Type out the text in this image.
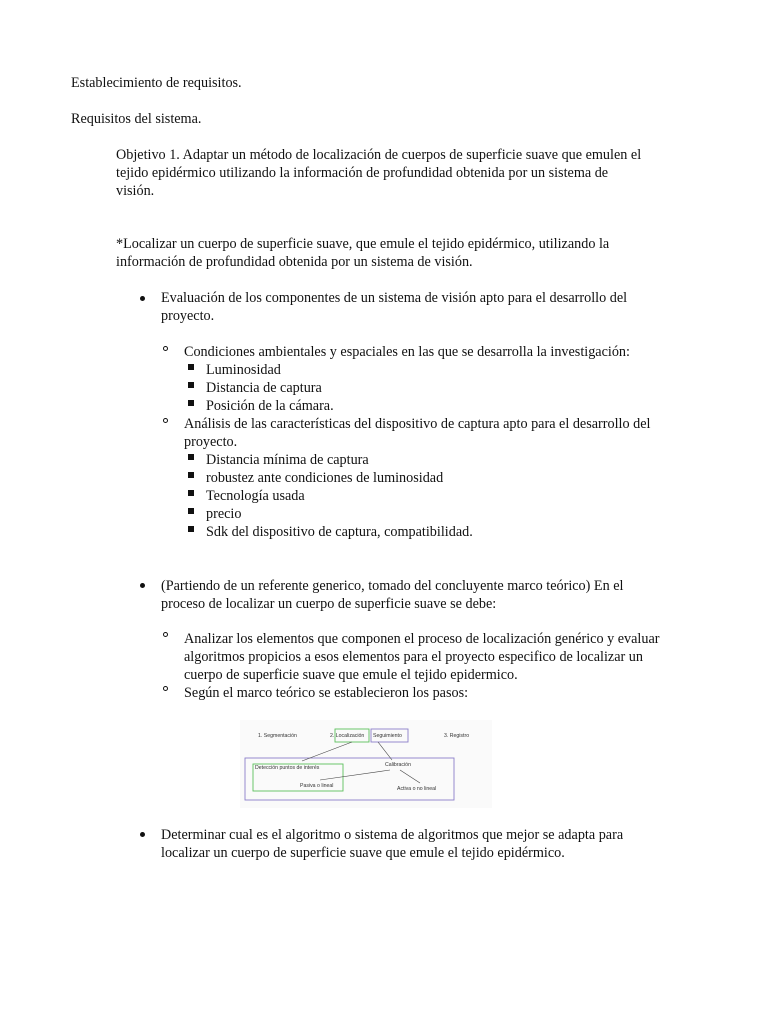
Establecimiento de requisitos.
Requisitos del sistema.
Objetivo 1. Adaptar un método de localización de cuerpos de superficie suave que emulen el
tejido epidérmico utilizando la información de profundidad obtenida por un sistema de
visión.
*Localizar un cuerpo de superficie suave, que emule el tejido epidérmico, utilizando la
información de profundidad obtenida por un sistema de visión.
Evaluación de los componentes de un sistema de visión apto para el desarrollo del
proyecto.
Condiciones ambientales y espaciales en las que se desarrolla la investigación:
Luminosidad
Distancia de captura
Posición de la cámara.
Análisis de las características del dispositivo de captura apto para el desarrollo del
proyecto.
Distancia mínima de captura
robustez ante condiciones de luminosidad
Tecnología usada
precio
Sdk del dispositivo de captura, compatibilidad.
(Partiendo de un referente generico, tomado del concluyente marco teórico) En el
proceso de localizar un cuerpo de superficie suave se debe:
Analizar los elementos que componen el proceso de localización genérico y evaluar
algoritmos propicios a esos elementos para el proyecto especifico de localizar un
cuerpo de superficie suave que emule el tejido epidermico.
Según el marco teórico se establecieron los pasos:
1. Segmentación	2. Localización Seguimiento	3. Registro
Detección puntos de interés	Calibración
Pasiva o lineal	Activa o no lineal
Determinar cual es el algoritmo o sistema de algoritmos que mejor se adapta para
localizar un cuerpo de superficie suave que emule el tejido epidérmico.
